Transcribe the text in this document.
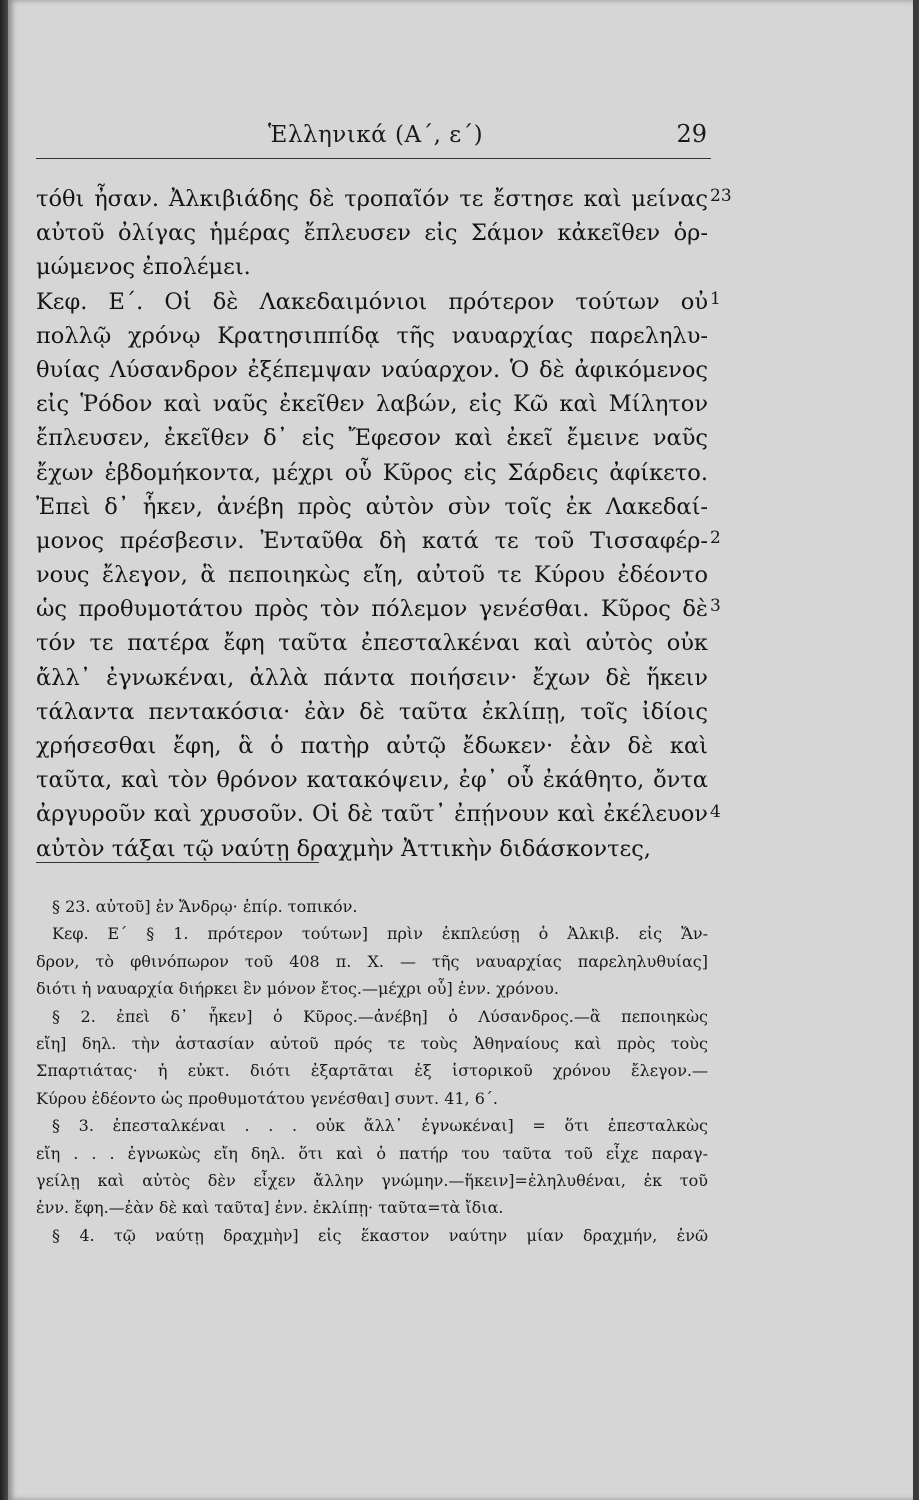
Ἑλληνικά (Α΄, ε΄)	29
τόθι ἦσαν. Ἀλκιβιάδης δὲ τροπαῖόν τε ἔστησε καὶ μείνας
αὐτοῦ ὀλίγας ἡμέρας ἔπλευσεν εἰς Σάμον κἀκεῖθεν ὁρ-
μώμενος ἐπολέμει.
Κεφ. Ε΄. Οἱ δὲ Λακεδαιμόνιοι πρότερον τούτων οὐ
πολλῷ χρόνῳ Κρατησιππίδᾳ τῆς ναυαρχίας παρεληλυ-
θυίας Λύσανδρον ἐξέπεμψαν ναύαρχον. Ὁ δὲ ἀφικόμενος
εἰς Ῥόδον καὶ ναῦς ἐκεῖθεν λαβών, εἰς Κῶ καὶ Μίλητον
ἔπλευσεν, ἐκεῖθεν δ᾽ εἰς Ἔφεσον καὶ ἐκεῖ ἔμεινε ναῦς
ἔχων ἑβδομήκοντα, μέχρι οὗ Κῦρος εἰς Σάρδεις ἀφίκετο.
Ἐπεὶ δ᾽ ἧκεν, ἀνέβη πρὸς αὐτὸν σὺν τοῖς ἐκ Λακεδαί-
μονος πρέσβεσιν. Ἐνταῦθα δὴ κατά τε τοῦ Τισσαφέρ-
νους ἔλεγον, ἃ πεποιηκὼς εἴη, αὐτοῦ τε Κύρου ἐδέοντο
ὡς προθυμοτάτου πρὸς τὸν πόλεμον γενέσθαι. Κῦρος δὲ
τόν τε πατέρα ἔφη ταῦτα ἐπεσταλκέναι καὶ αὐτὸς οὐκ
ἄλλ᾽ ἐγνωκέναι, ἀλλὰ πάντα ποιήσειν· ἔχων δὲ ἥκειν
τάλαντα πεντακόσια· ἐὰν δὲ ταῦτα ἐκλίπῃ, τοῖς ἰδίοις
χρήσεσθαι ἔφη, ἃ ὁ πατὴρ αὐτῷ ἔδωκεν· ἐὰν δὲ καὶ
ταῦτα, καὶ τὸν θρόνον κατακόψειν, ἐφ᾽ οὗ ἐκάθητο, ὄντα
ἀργυροῦν καὶ χρυσοῦν. Οἱ δὲ ταῦτ᾽ ἐπῄνουν καὶ ἐκέλευον
αὐτὸν τάξαι τῷ ναύτῃ δραχμὴν Ἀττικὴν διδάσκοντες,
23
1
2
3
4
§ 23. αὐτοῦ] ἐν Ἄνδρῳ· ἐπίρ. τοπικόν.
Κεφ. Ε΄ § 1. πρότερον τούτων] πρὶν ἐκπλεύσῃ ὁ Ἀλκιβ. εἰς Ἄν-
δρον, τὸ φθινόπωρον τοῦ 408 π. Χ. — τῆς ναυαρχίας παρεληλυθυίας]
διότι ἡ ναυαρχία διήρκει ἓν μόνον ἔτος.—μέχρι οὗ] ἐνν. χρόνου.
§ 2. ἐπεὶ δ᾽ ἧκεν] ὁ Κῦρος.—ἀνέβη] ὁ Λύσανδρος.—ἃ πεποιηκὼς
εἴη] δηλ. τὴν ἀστασίαν αὐτοῦ πρός τε τοὺς Ἀθηναίους καὶ πρὸς τοὺς
Σπαρτιάτας· ἡ εὐκτ. διότι ἐξαρτᾶται ἐξ ἱστορικοῦ χρόνου ἔλεγον.—
Κύρου ἐδέοντο ὡς προθυμοτάτου γενέσθαι] συντ. 41, 6΄.
§ 3. ἐπεσταλκέναι . . . οὐκ ἄλλ᾽ ἐγνωκέναι] = ὅτι ἐπεσταλκὼς
εἴη . . . ἐγνωκὼς εἴη δηλ. ὅτι καὶ ὁ πατήρ του ταῦτα τοῦ εἶχε παραγ-
γείλῃ καὶ αὐτὸς δὲν εἶχεν ἄλλην γνώμην.—ἥκειν]=ἐληλυθέναι, ἐκ τοῦ
ἐνν. ἔφη.—ἐὰν δὲ καὶ ταῦτα] ἐνν. ἐκλίπῃ· ταῦτα=τὰ ἴδια.
§ 4. τῷ ναύτῃ δραχμὴν] εἰς ἕκαστον ναύτην μίαν δραχμήν, ἐνῶ
